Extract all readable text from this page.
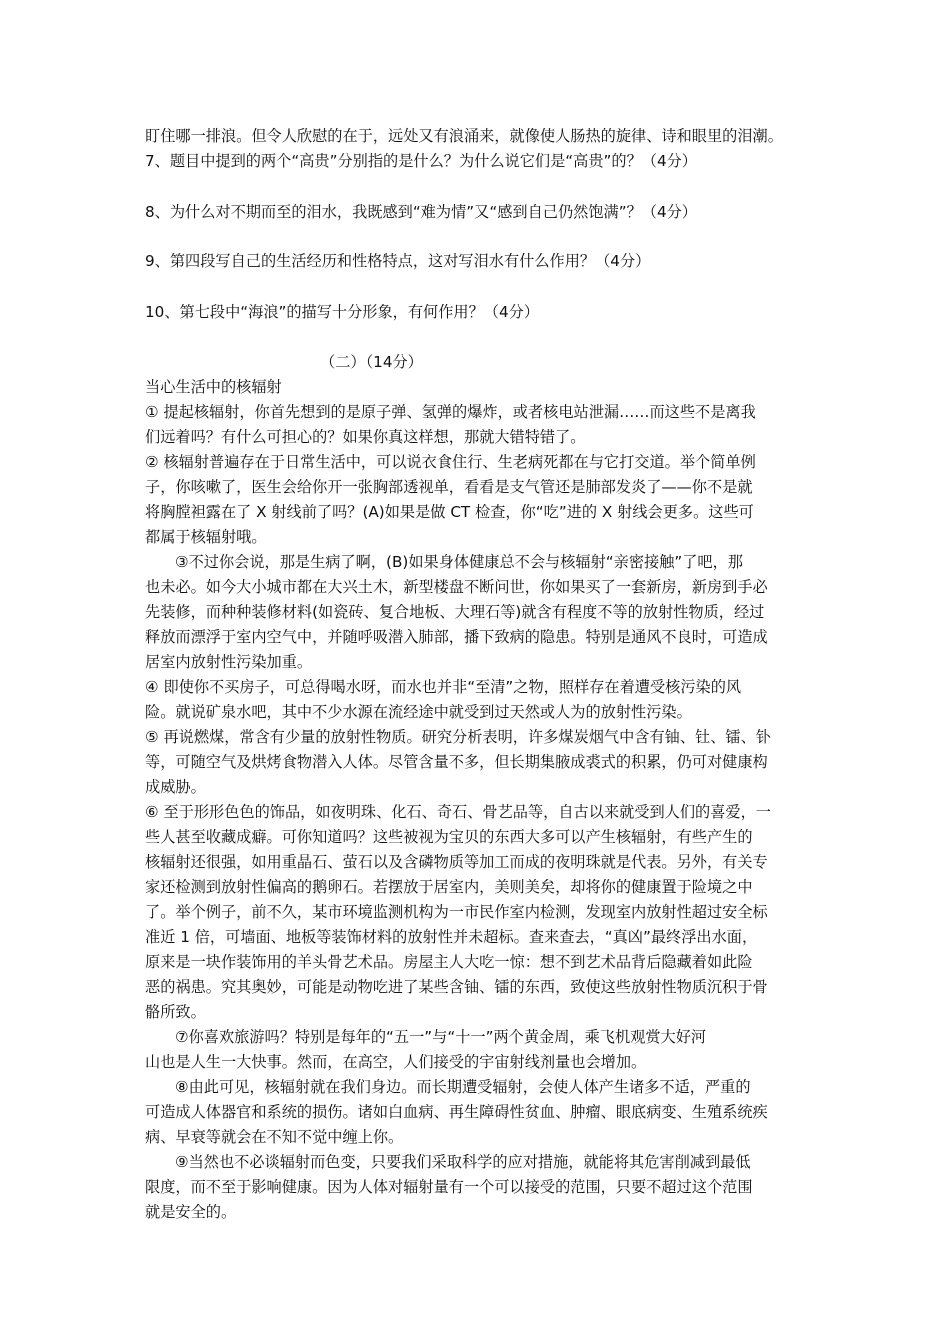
盯住哪一排浪。但令人欣慰的在于，远处又有浪涌来，就像使人肠热的旋律、诗和眼里的泪潮。
7、题目中提到的两个“高贵”分别指的是什么？为什么说它们是“高贵”的？（4分）
8、为什么对不期而至的泪水，我既感到“难为情”又“感到自己仍然饱满”？（4分）
9、第四段写自己的生活经历和性格特点，这对写泪水有什么作用？（4分）
10、第七段中“海浪”的描写十分形象，有何作用？（4分）
（二）（14分）
当心生活中的核辐射
① 提起核辐射，你首先想到的是原子弹、氢弹的爆炸，或者核电站泄漏……而这些不是离我
们远着吗？有什么可担心的？如果你真这样想，那就大错特错了。
② 核辐射普遍存在于日常生活中，可以说衣食住行、生老病死都在与它打交道。举个简单例
子，你咳嗽了，医生会给你开一张胸部透视单，看看是支气管还是肺部发炎了——你不是就
将胸膛袒露在了 X 射线前了吗？(A)如果是做 CT 检查，你“吃”进的 X 射线会更多。这些可
都属于核辐射哦。
③不过你会说，那是生病了啊，(B)如果身体健康总不会与核辐射“亲密接触”了吧，那
也未必。如今大小城市都在大兴土木，新型楼盘不断问世，你如果买了一套新房，新房到手必
先装修，而种种装修材料(如瓷砖、复合地板、大理石等)就含有程度不等的放射性物质，经过
释放而漂浮于室内空气中，并随呼吸潜入肺部，播下致病的隐患。特别是通风不良时，可造成
居室内放射性污染加重。
④ 即使你不买房子，可总得喝水呀，而水也并非“至清”之物，照样存在着遭受核污染的风
险。就说矿泉水吧，其中不少水源在流经途中就受到过天然或人为的放射性污染。
⑤ 再说燃煤，常含有少量的放射性物质。研究分析表明，许多煤炭烟气中含有铀、钍、镭、钋
等，可随空气及烘烤食物潜入人体。尽管含量不多，但长期集腋成裘式的积累，仍可对健康构
成威胁。
⑥ 至于形形色色的饰品，如夜明珠、化石、奇石、骨艺品等，自古以来就受到人们的喜爱，一
些人甚至收藏成癖。可你知道吗？这些被视为宝贝的东西大多可以产生核辐射，有些产生的
核辐射还很强，如用重晶石、萤石以及含磷物质等加工而成的夜明珠就是代表。另外，有关专
家还检测到放射性偏高的鹅卵石。若摆放于居室内，美则美矣，却将你的健康置于险境之中
了。举个例子，前不久，某市环境监测机构为一市民作室内检测，发现室内放射性超过安全标
准近 1 倍，可墙面、地板等装饰材料的放射性并未超标。查来查去，“真凶”最终浮出水面，
原来是一块作装饰用的羊头骨艺术品。房屋主人大吃一惊：想不到艺术品背后隐藏着如此险
恶的祸患。究其奥妙，可能是动物吃进了某些含铀、镭的东西，致使这些放射性物质沉积于骨
骼所致。
⑦你喜欢旅游吗？特别是每年的“五一”与“十一”两个黄金周，乘飞机观赏大好河
山也是人生一大快事。然而，在高空，人们接受的宇宙射线剂量也会增加。
⑧由此可见，核辐射就在我们身边。而长期遭受辐射，会使人体产生诸多不适，严重的
可造成人体器官和系统的损伤。诸如白血病、再生障碍性贫血、肿瘤、眼底病变、生殖系统疾
病、早衰等就会在不知不觉中缠上你。
⑨当然也不必谈辐射而色变，只要我们采取科学的应对措施，就能将其危害削减到最低
限度，而不至于影响健康。因为人体对辐射量有一个可以接受的范围，只要不超过这个范围
就是安全的。
